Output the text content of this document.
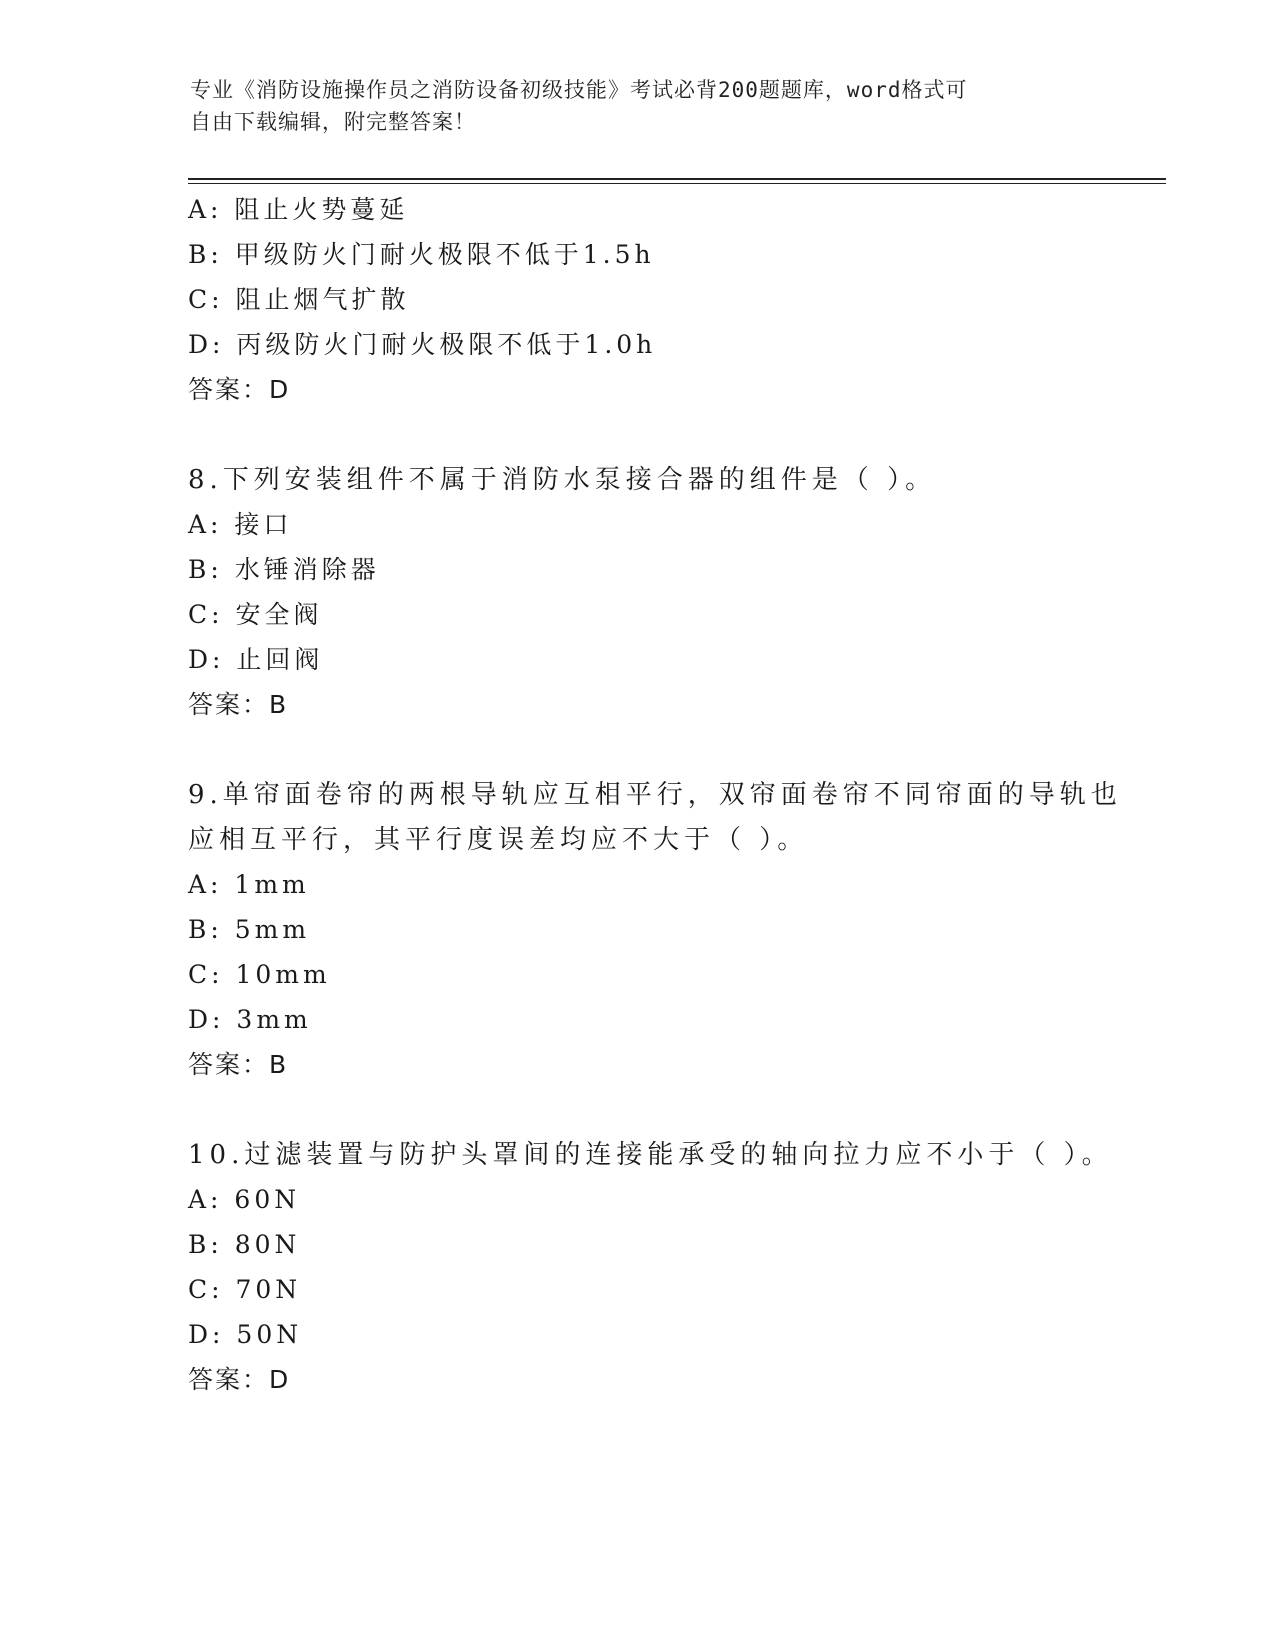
专业《消防设施操作员之消防设备初级技能》考试必背200题题库，word格式可
自由下载编辑，附完整答案！
A: 阻止火势蔓延
B: 甲级防火门耐火极限不低于1.5h
C: 阻止烟气扩散
D: 丙级防火门耐火极限不低于1.0h
答案：D
8.下列安装组件不属于消防水泵接合器的组件是（ ）。
A: 接口
B: 水锤消除器
C: 安全阀
D: 止回阀
答案：B
9.单帘面卷帘的两根导轨应互相平行，双帘面卷帘不同帘面的导轨也
应相互平行，其平行度误差均应不大于（ ）。
A: 1mm
B: 5mm
C: 10mm
D: 3mm
答案：B
10.过滤装置与防护头罩间的连接能承受的轴向拉力应不小于（ ）。
A: 60N
B: 80N
C: 70N
D: 50N
答案：D
